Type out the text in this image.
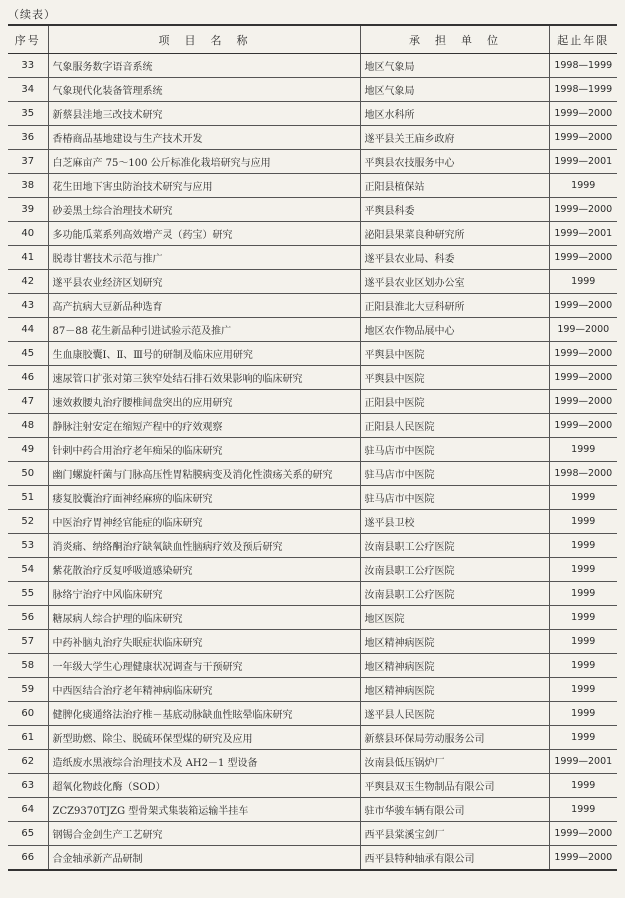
（续表）
序号	项　目　名　称	承　担　单　位	起止年限
33	气象服务数字语音系统	地区气象局	1998—1999
34	气象现代化装备管理系统	地区气象局	1998—1999
35	新蔡县洼地三改技术研究	地区水科所	1999—2000
36	香椿商品基地建设与生产技术开发	遂平县关王庙乡政府	1999—2000
37	白芝麻亩产 75～100 公斤标准化栽培研究与应用	平舆县农技服务中心	1999—2001
38	花生田地下害虫防治技术研究与应用	正阳县植保站	1999
39	砂姜黑土综合治理技术研究	平舆县科委	1999—2000
40	多功能瓜菜系列高效增产灵（药宝）研究	泌阳县果菜良种研究所	1999—2001
41	脱毒甘薯技术示范与推广	遂平县农业局、科委	1999—2000
42	遂平县农业经济区划研究	遂平县农业区划办公室	1999
43	高产抗病大豆新品种选育	正阳县淮北大豆科研所	1999—2000
44	87－88 花生新品种引进试验示范及推广	地区农作物品展中心	199—2000
45	生血康胶囊Ⅰ、Ⅱ、Ⅲ号的研制及临床应用研究	平舆县中医院	1999—2000
46	速尿管口扩张对第三狭窄处结石排石效果影响的临床研究	平舆县中医院	1999—2000
47	速效救腰丸治疗腰椎间盘突出的应用研究	正阳县中医院	1999—2000
48	静脉注射安定在缩短产程中的疗效观察	正阳县人民医院	1999—2000
49	针剌中药合用治疗老年痴呆的临床研究	驻马店市中医院	1999
50	幽门螺旋杆菌与门脉高压性胃粘膜病变及消化性溃疡关系的研究	驻马店市中医院	1998—2000
51	痿复胶囊治疗面神经麻痹的临床研究	驻马店市中医院	1999
52	中医治疗胃神经官能症的临床研究	遂平县卫校	1999
53	消炎痛、纳络酮治疗缺氧缺血性脑病疗效及预后研究	汝南县职工公疗医院	1999
54	紫花散治疗反复呼吸道感染研究	汝南县职工公疗医院	1999
55	脉络宁治疗中风临床研究	汝南县职工公疗医院	1999
56	糖尿病人综合护理的临床研究	地区医院	1999
57	中药补脑丸治疗失眠症状临床研究	地区精神病医院	1999
58	一年级大学生心理健康状况调查与干预研究	地区精神病医院	1999
59	中西医结合治疗老年精神病临床研究	地区精神病医院	1999
60	健脾化痰通络法治疗椎－基底动脉缺血性眩晕临床研究	遂平县人民医院	1999
61	新型助燃、除尘、脱硫环保型煤的研究及应用	新蔡县环保局劳动服务公司	1999
62	造纸废水黑液综合治理技术及 AH2－1 型设备	汝南县低压锅炉厂	1999—2001
63	超氧化物歧化酶（SOD）	平舆县双玉生物制品有限公司	1999
64	ZCZ9370TJZG 型骨架式集装箱运输半挂车	驻市华骏车辆有限公司	1999
65	钢锡合金剑生产工艺研究	西平县棠溪宝剑厂	1999—2000
66	合金轴承新产品研制	西平县特种轴承有限公司	1999—2000
